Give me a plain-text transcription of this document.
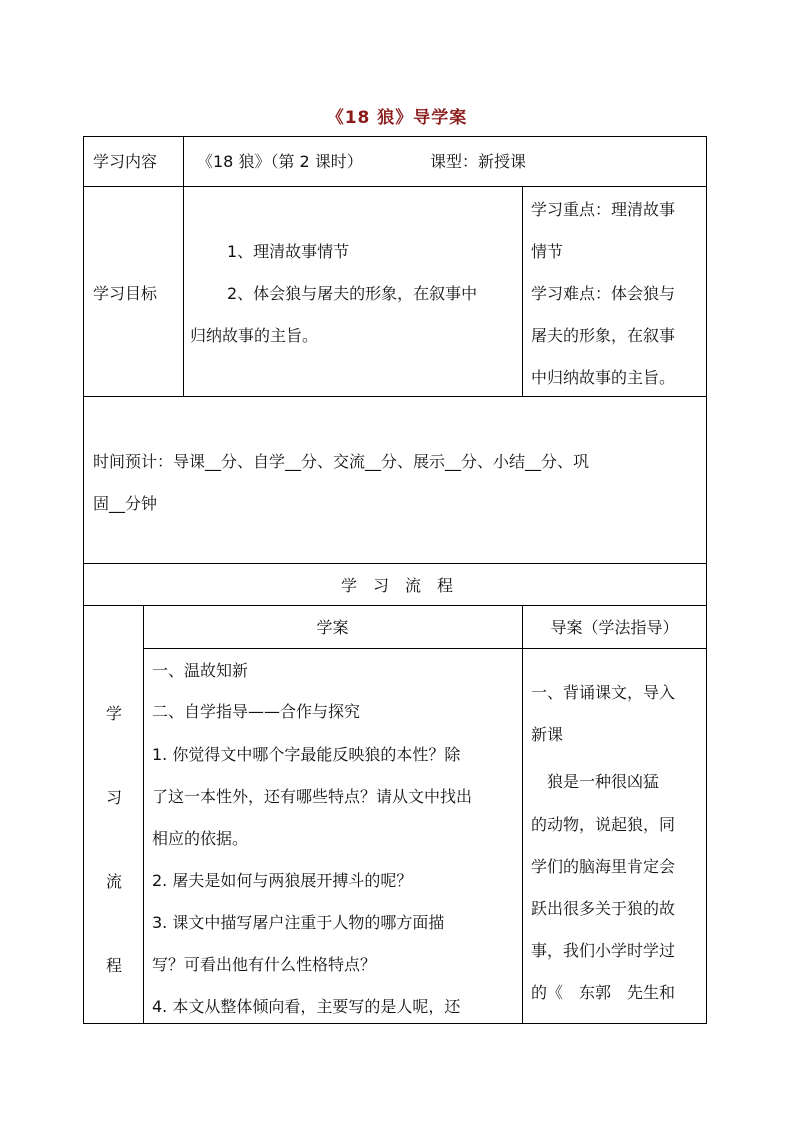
《18 狼》导学案
学习内容 《18 狼》（第 2 课时）	课型：新授课
学习目标
1、理清故事情节
2、体会狼与屠夫的形象，在叙事中
归纳故事的主旨。
学习重点：理清故事
情节
学习难点：体会狼与
屠夫的形象，在叙事
中归纳故事的主旨。
时间预计：导课__分、自学__分、交流__分、展示__分、小结__分、巩
固__分钟
学　习　流　程
学
习
流
程
学案	导案（学法指导）
一、温故知新
二、自学指导——合作与探究
1. 你觉得文中哪个字最能反映狼的本性？除
了这一本性外，还有哪些特点？请从文中找出
相应的依据。
2. 屠夫是如何与两狼展开搏斗的呢？
3. 课文中描写屠户注重于人物的哪方面描
写？可看出他有什么性格特点？
4. 本文从整体倾向看，主要写的是人呢，还
一、背诵课文，导入
新课
　狼是一种很凶猛
的动物，说起狼，同
学们的脑海里肯定会
跃出很多关于狼的故
事，我们小学时学过
的《　东郭　先生和
